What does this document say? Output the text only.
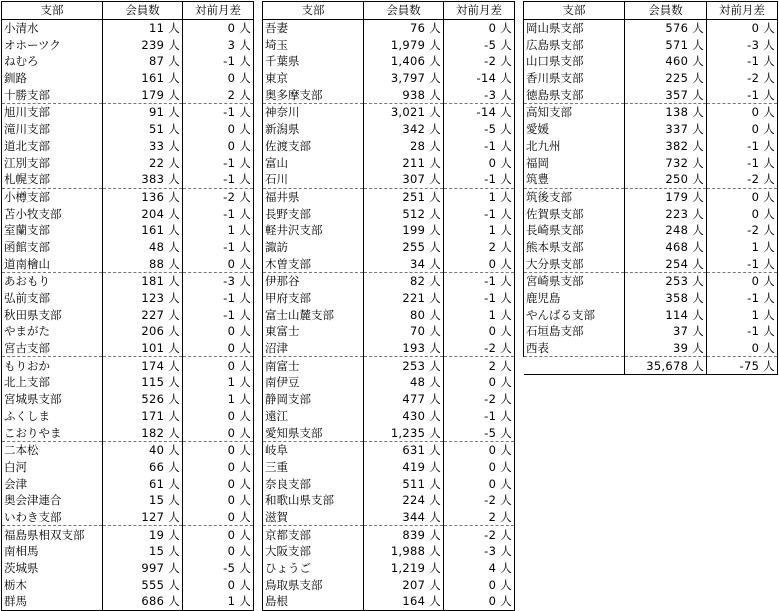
支部	会員数	対前月差
小清水	11 人	0 人
オホーツク	239 人	3 人
ねむろ	87 人	-1 人
釧路	161 人	0 人
十勝支部	179 人	2 人
旭川支部	91 人	-1 人
滝川支部	51 人	0 人
道北支部	33 人	0 人
江別支部	22 人	-1 人
札幌支部	383 人	-1 人
小樽支部	136 人	-2 人
苫小牧支部	204 人	-1 人
室蘭支部	161 人	1 人
函館支部	48 人	-1 人
道南檜山	88 人	0 人
あおもり	181 人	-3 人
弘前支部	123 人	-1 人
秋田県支部	227 人	-1 人
やまがた	206 人	0 人
宮古支部	101 人	0 人
もりおか	174 人	0 人
北上支部	115 人	1 人
宮城県支部	526 人	1 人
ふくしま	171 人	0 人
こおりやま	182 人	0 人
二本松	40 人	0 人
白河	66 人	0 人
会津	61 人	0 人
奥会津連合	15 人	0 人
いわき支部	127 人	0 人
福島県相双支部	19 人	0 人
南相馬	15 人	0 人
茨城県	997 人	-5 人
栃木	555 人	0 人
群馬	686 人	1 人
支部	会員数	対前月差
吾妻	76 人	0 人
埼玉	1,979 人	-5 人
千葉県	1,406 人	-2 人
東京	3,797 人	-14 人
奥多摩支部	938 人	-3 人
神奈川	3,021 人	-14 人
新潟県	342 人	-5 人
佐渡支部	28 人	-1 人
富山	211 人	0 人
石川	307 人	-1 人
福井県	251 人	1 人
長野支部	512 人	-1 人
軽井沢支部	199 人	1 人
諏訪	255 人	2 人
木曽支部	34 人	0 人
伊那谷	82 人	-1 人
甲府支部	221 人	-1 人
富士山麓支部	80 人	1 人
東富士	70 人	0 人
沼津	193 人	-2 人
南富士	253 人	2 人
南伊豆	48 人	0 人
静岡支部	477 人	-2 人
遠江	430 人	-1 人
愛知県支部	1,235 人	-5 人
岐阜	631 人	0 人
三重	419 人	0 人
奈良支部	511 人	0 人
和歌山県支部	224 人	-2 人
滋賀	344 人	2 人
京都支部	839 人	-2 人
大阪支部	1,988 人	-3 人
ひょうご	1,219 人	4 人
鳥取県支部	207 人	0 人
島根	164 人	0 人
支部	会員数	対前月差
岡山県支部	576 人	0 人
広島県支部	571 人	-3 人
山口県支部	460 人	-1 人
香川県支部	225 人	-2 人
徳島県支部	357 人	-1 人
高知支部	138 人	0 人
愛媛	337 人	0 人
北九州	382 人	-1 人
福岡	732 人	-1 人
筑豊	250 人	-2 人
筑後支部	179 人	0 人
佐賀県支部	223 人	0 人
長崎県支部	248 人	-2 人
熊本県支部	468 人	1 人
大分県支部	254 人	-1 人
宮崎県支部	253 人	0 人
鹿児島	358 人	-1 人
やんばる支部	114 人	1 人
石垣島支部	37 人	-1 人
西表	39 人	0 人
	35,678 人	-75 人
